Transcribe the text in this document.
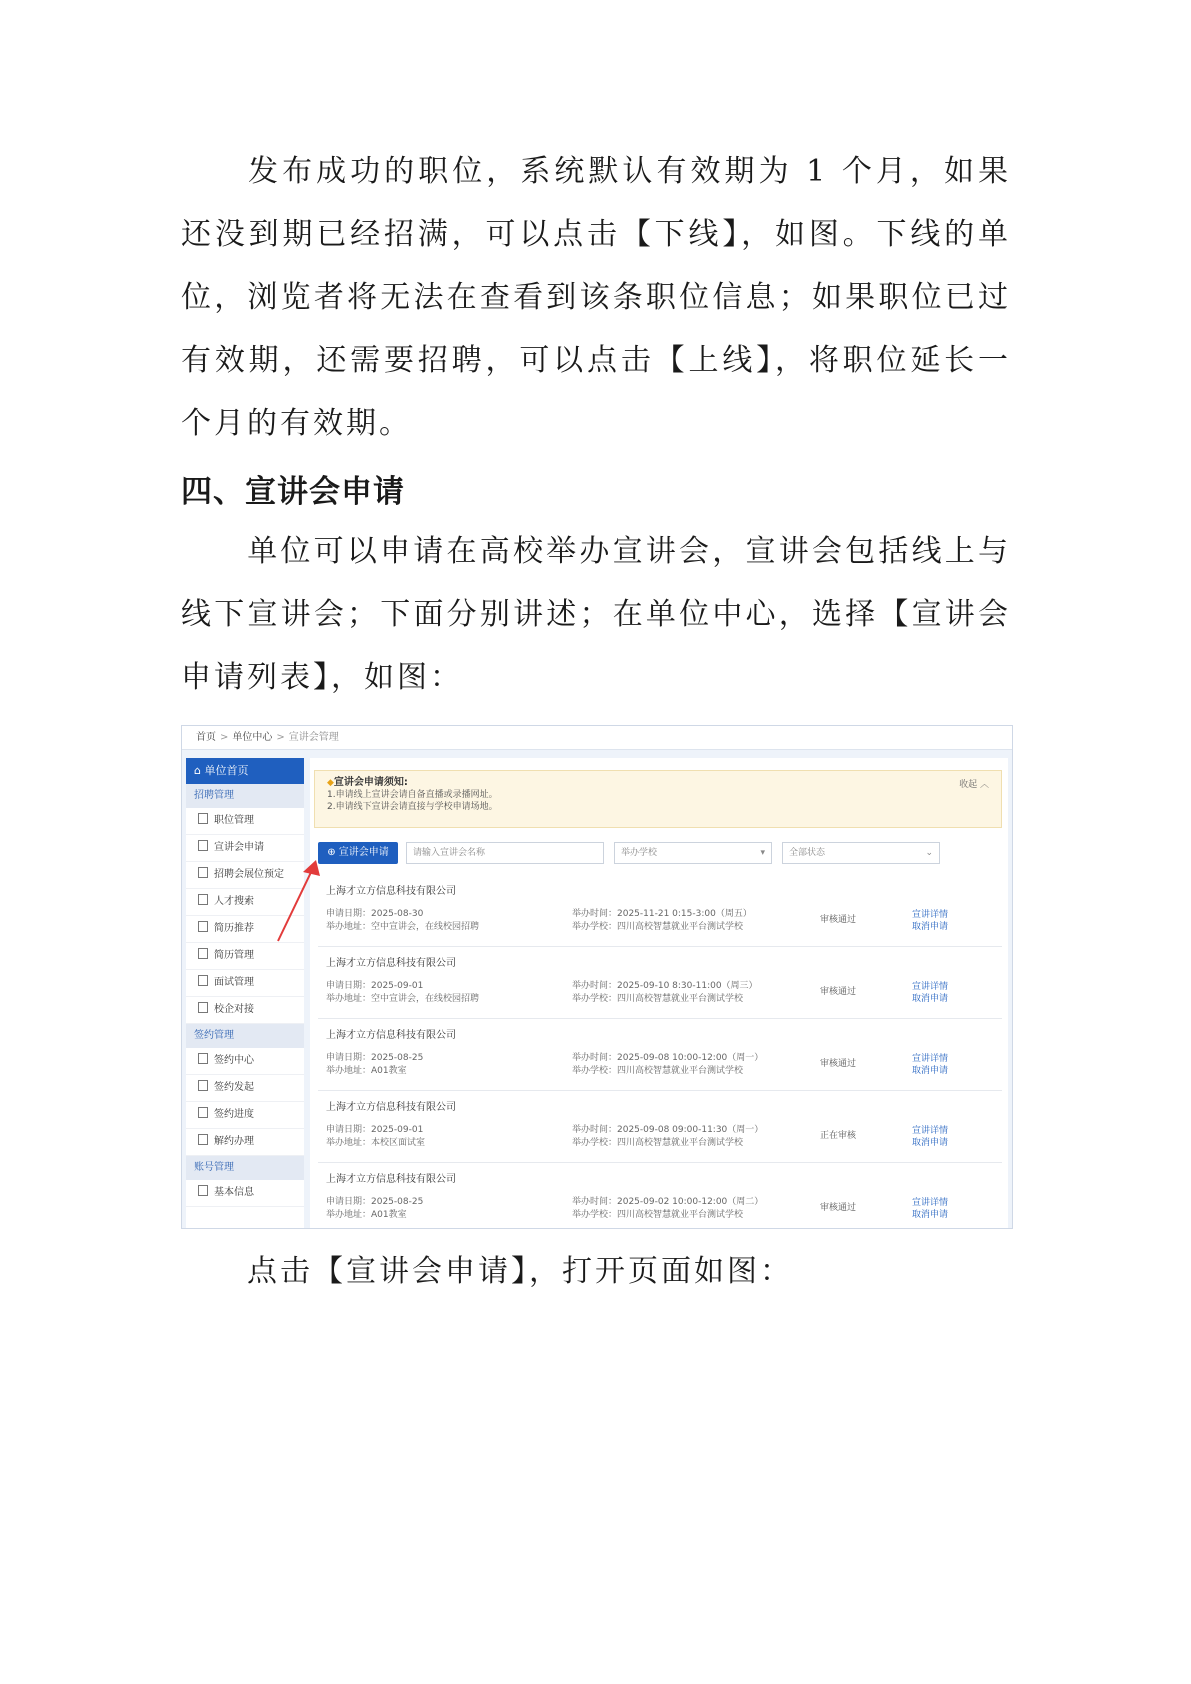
发布成功的职位，系统默认有效期为 1 个月，如果还没到期已经招满，可以点击【下线】，如图。下线的单位，浏览者将无法在查看到该条职位信息；如果职位已过有效期，还需要招聘，可以点击【上线】，将职位延长一个月的有效期。

四、宣讲会申请

单位可以申请在高校举办宣讲会，宣讲会包括线上与线下宣讲会；下面分别讲述；在单位中心，选择【宣讲会申请列表】，如图：

首页 > 单位中心 > 宣讲会管理
⌂ 单位首页
招聘管理
职位管理
宣讲会申请
招聘会展位预定
人才搜索
简历推荐
简历管理
面试管理
校企对接
签约管理
签约中心
签约发起
签约进度
解约办理
账号管理
基本信息
◆宣讲会申请须知:
1.申请线上宣讲会请自备直播或录播网址。
2.申请线下宣讲会请直接与学校申请场地。
收起 ︿
⊕ 宣讲会申请	请输入宣讲会名称	举办学校	▾	全部状态	⌄
上海才立方信息科技有限公司
申请日期：2025-08-30
举办地址：空中宣讲会，在线校园招聘
举办时间：2025-11-21 0:15-3:00（周五）
举办学校：四川高校智慧就业平台测试学校
审核通过	宣讲详情
取消申请
上海才立方信息科技有限公司
申请日期：2025-09-01
举办地址：空中宣讲会，在线校园招聘
举办时间：2025-09-10 8:30-11:00（周三）
举办学校：四川高校智慧就业平台测试学校
审核通过	宣讲详情
取消申请
上海才立方信息科技有限公司
申请日期：2025-08-25
举办地址：A01教室
举办时间：2025-09-08 10:00-12:00（周一）
举办学校：四川高校智慧就业平台测试学校
审核通过	宣讲详情
取消申请
上海才立方信息科技有限公司
申请日期：2025-09-01
举办地址：本校区面试室
举办时间：2025-09-08 09:00-11:30（周一）
举办学校：四川高校智慧就业平台测试学校
正在审核	宣讲详情
取消申请
上海才立方信息科技有限公司
申请日期：2025-08-25
举办地址：A01教室
举办时间：2025-09-02 10:00-12:00（周二）
举办学校：四川高校智慧就业平台测试学校
审核通过	宣讲详情
取消申请

点击【宣讲会申请】，打开页面如图：
